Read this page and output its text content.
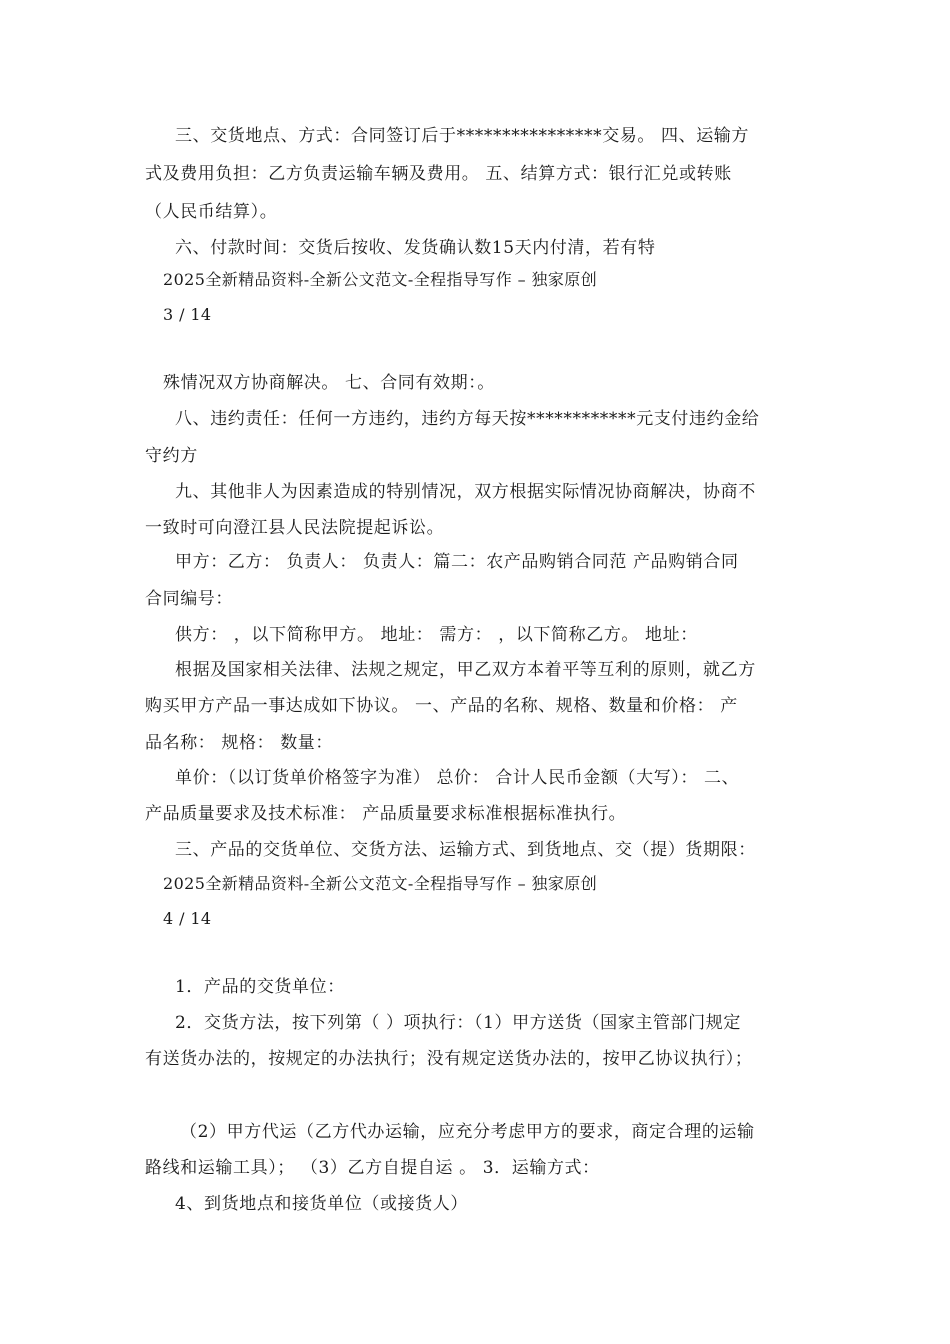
三、交货地点、方式：合同签订后于****************交易。 四、运输方
式及费用负担：乙方负责运输车辆及费用。 五、结算方式：银行汇兑或转账
（人民币结算）。
六、付款时间：交货后按收、发货确认数15天内付清，若有特
2025全新精品资料-全新公文范文-全程指导写作 – 独家原创
3 / 14
殊情况双方协商解决。 七、合同有效期：。
八、违约责任：任何一方违约，违约方每天按************元支付违约金给
守约方
九、其他非人为因素造成的特别情况，双方根据实际情况协商解决，协商不
一致时可向澄江县人民法院提起诉讼。
甲方：乙方： 负责人： 负责人：篇二：农产品购销合同范 产品购销合同
合同编号：
供方： ，以下简称甲方。 地址： 需方： ，以下简称乙方。 地址：
根据及国家相关法律、法规之规定，甲乙双方本着平等互利的原则，就乙方
购买甲方产品一事达成如下协议。 一、产品的名称、规格、数量和价格： 产
品名称： 规格： 数量：
单价：（以订货单价格签字为准） 总价： 合计人民币金额（大写）： 二、
产品质量要求及技术标准： 产品质量要求标准根据标准执行。
三、产品的交货单位、交货方法、运输方式、到货地点、交（提）货期限：
2025全新精品资料-全新公文范文-全程指导写作 – 独家原创
4 / 14
1．产品的交货单位：
2．交货方法，按下列第（ ）项执行：（1）甲方送货（国家主管部门规定
有送货办法的，按规定的办法执行；没有规定送货办法的，按甲乙协议执行）；
（2）甲方代运（乙方代办运输，应充分考虑甲方的要求，商定合理的运输
路线和运输工具）； （3）乙方自提自运 。 3．运输方式：
4、到货地点和接货单位（或接货人）
